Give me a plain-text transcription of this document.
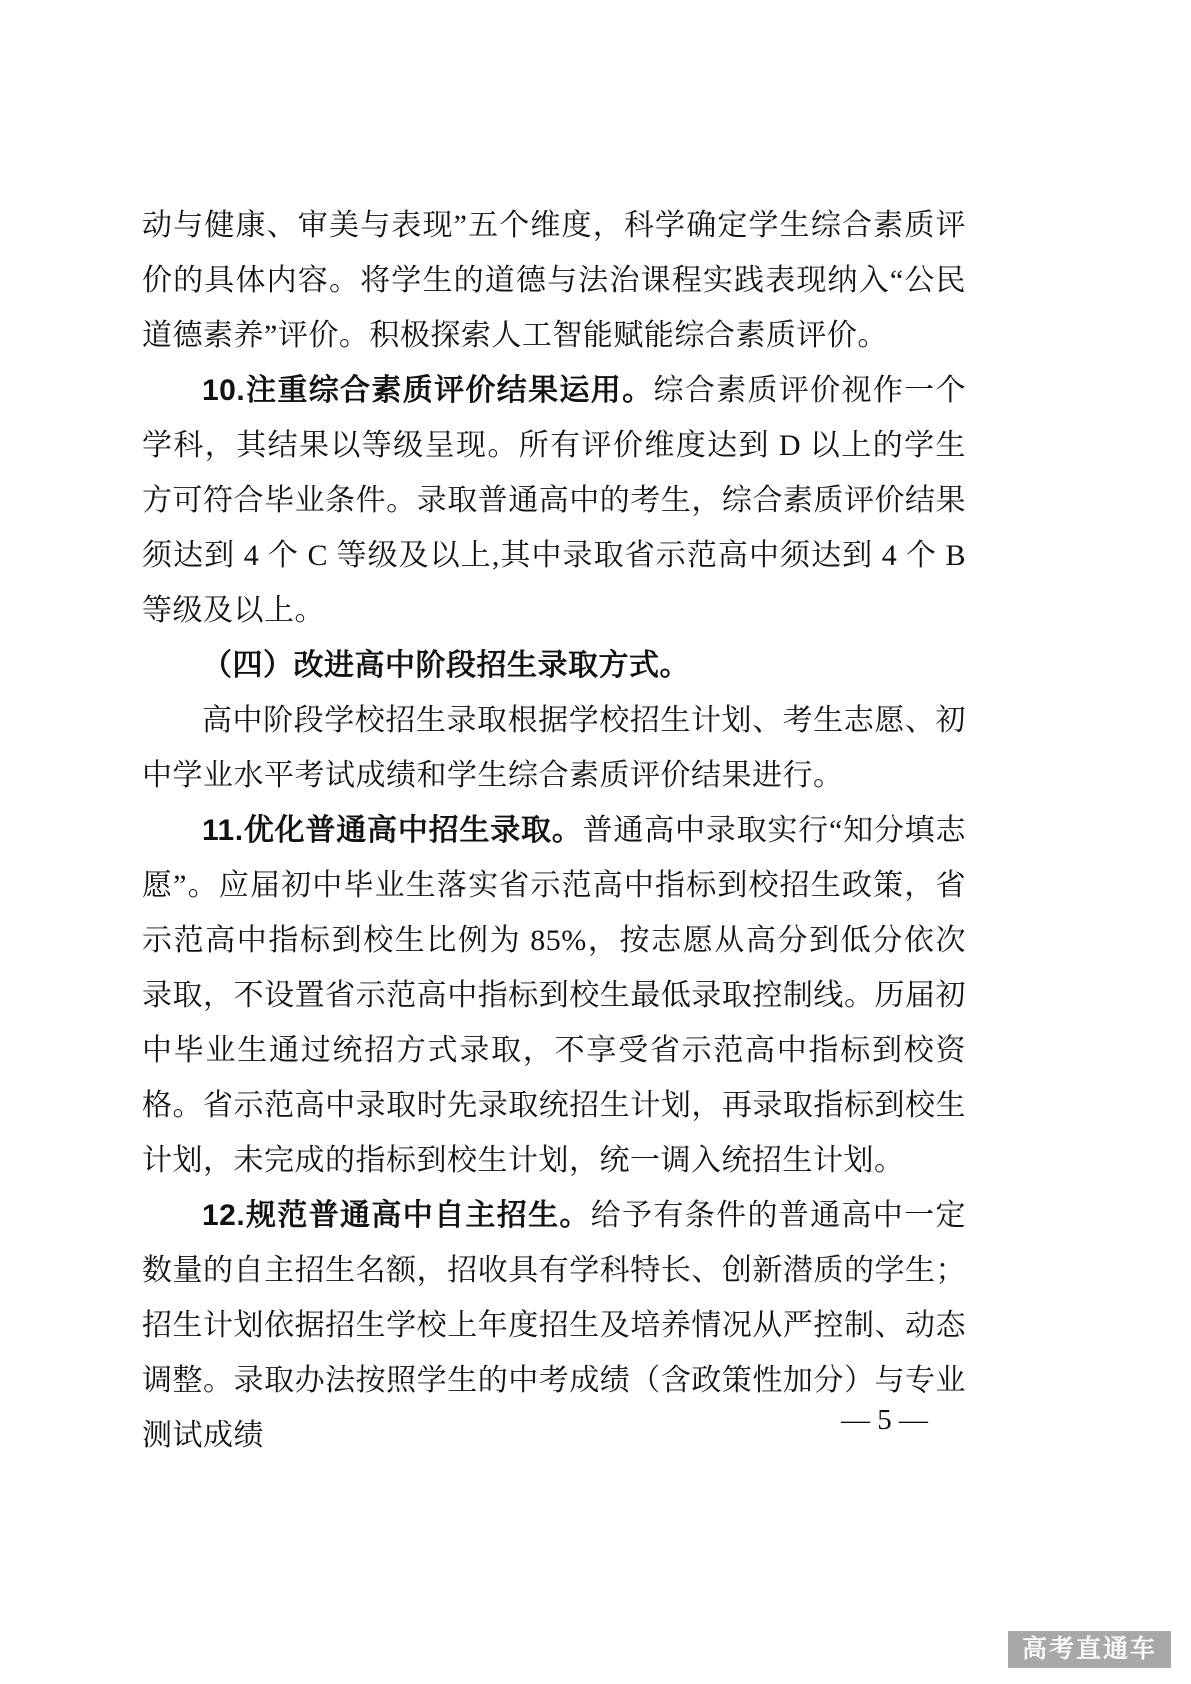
动与健康、审美与表现”五个维度，科学确定学生综合素质评价的具体内容。将学生的道德与法治课程实践表现纳入“公民道德素养”评价。积极探索人工智能赋能综合素质评价。

10.注重综合素质评价结果运用。综合素质评价视作一个学科，其结果以等级呈现。所有评价维度达到 D 以上的学生方可符合毕业条件。录取普通高中的考生，综合素质评价结果须达到 4 个 C 等级及以上,其中录取省示范高中须达到 4 个 B 等级及以上。

（四）改进高中阶段招生录取方式。

高中阶段学校招生录取根据学校招生计划、考生志愿、初中学业水平考试成绩和学生综合素质评价结果进行。

11.优化普通高中招生录取。普通高中录取实行“知分填志愿”。应届初中毕业生落实省示范高中指标到校招生政策，省示范高中指标到校生比例为 85%，按志愿从高分到低分依次录取，不设置省示范高中指标到校生最低录取控制线。历届初中毕业生通过统招方式录取，不享受省示范高中指标到校资格。省示范高中录取时先录取统招生计划，再录取指标到校生计划，未完成的指标到校生计划，统一调入统招生计划。

12.规范普通高中自主招生。给予有条件的普通高中一定数量的自主招生名额，招收具有学科特长、创新潜质的学生；招生计划依据招生学校上年度招生及培养情况从严控制、动态调整。录取办法按照学生的中考成绩（含政策性加分）与专业测试成绩	— 5 —
高考直通车
